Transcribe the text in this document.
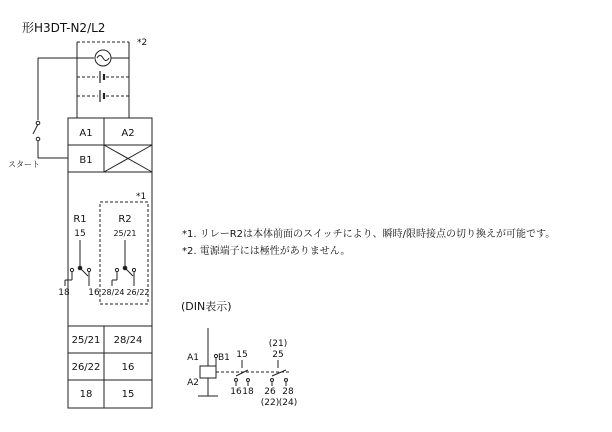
形H3DT-N2/L2
*2
スタート
A1	A2
B1
*1
R1
15
18 16
R2
25/21
28/24 26/22
25/21 28/24
26/22 16
18	15
(DIN表示)
A1
A2
B1 15
16 18
(21)
25
26 28
(22) (24)
*1. リレーR2は本体前面のスイッチにより、瞬時/限時接点の切り換えが可能です。
*2. 電源端子には極性がありません。
